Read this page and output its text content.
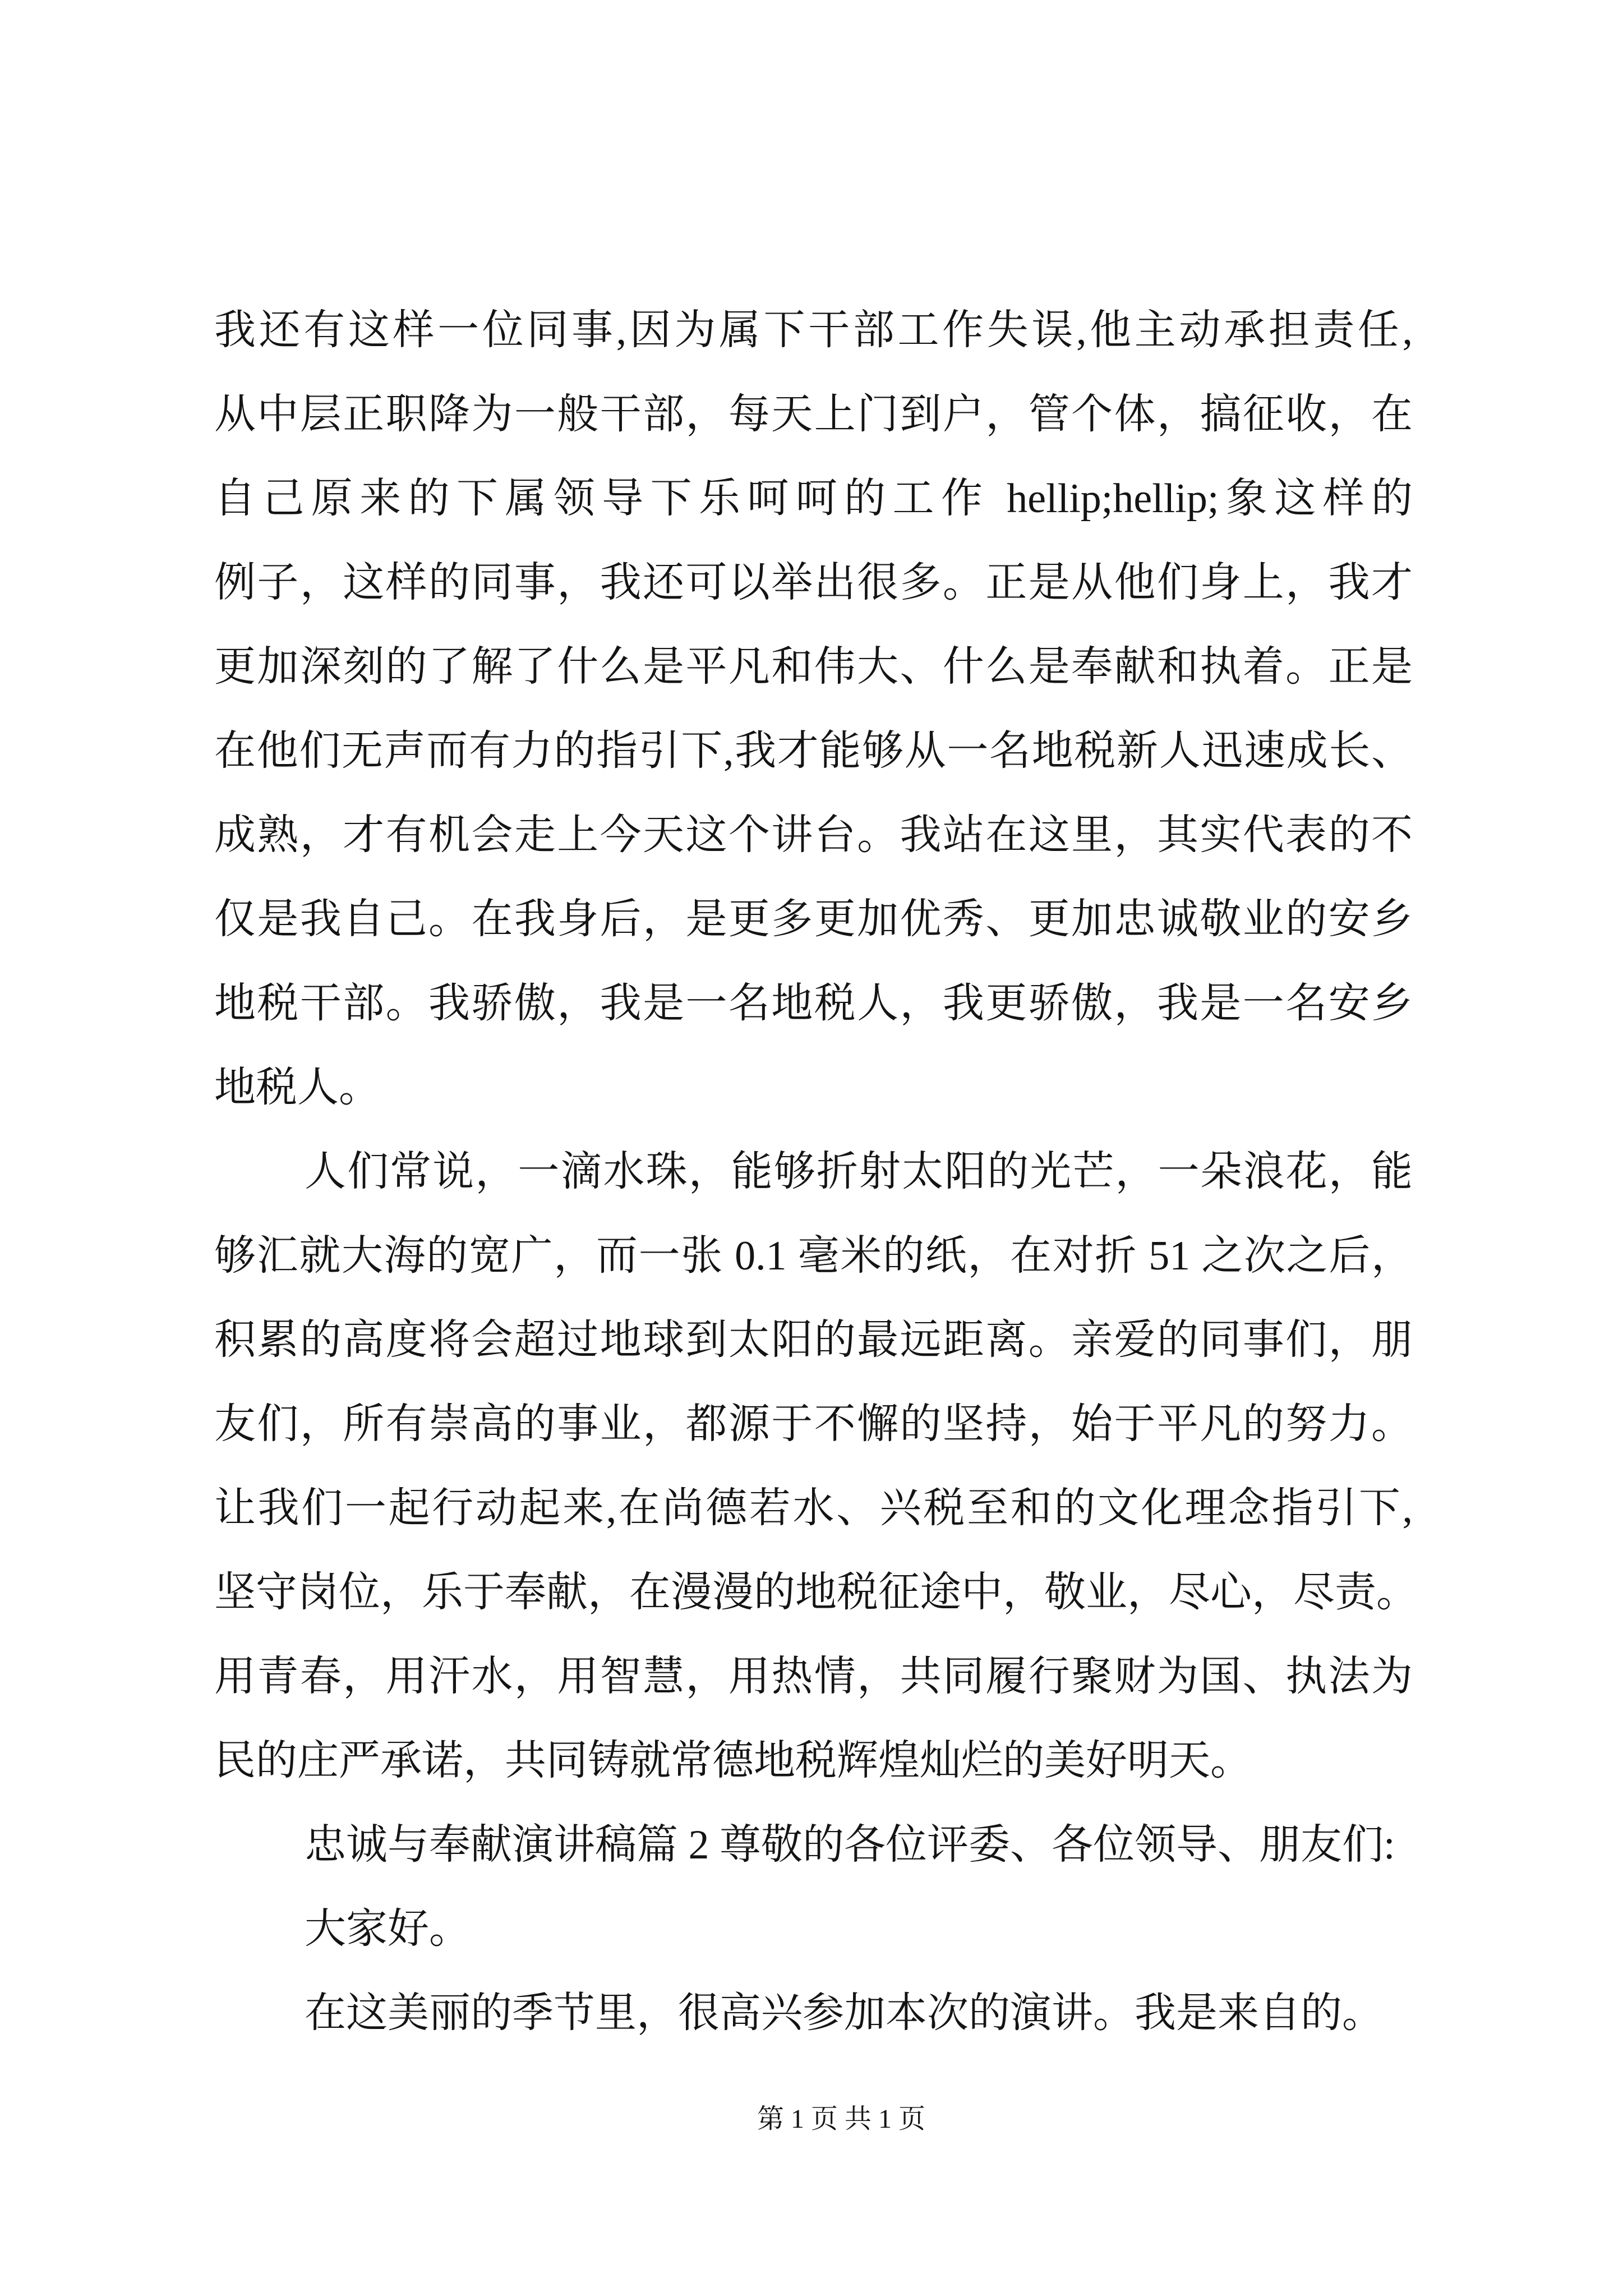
我还有这样一位同事,因为属下干部工作失误,他主动承担责任,
从中层正职降为一般干部，每天上门到户，管个体，搞征收，在
自己原来的下属领导下乐呵呵的工作 hellip;hellip;象这样的
例子，这样的同事，我还可以举出很多。正是从他们身上，我才
更加深刻的了解了什么是平凡和伟大、什么是奉献和执着。正是
在他们无声而有力的指引下,我才能够从一名地税新人迅速成长、
成熟，才有机会走上今天这个讲台。我站在这里，其实代表的不
仅是我自己。在我身后，是更多更加优秀、更加忠诚敬业的安乡
地税干部。我骄傲，我是一名地税人，我更骄傲，我是一名安乡
地税人。
人们常说，一滴水珠，能够折射太阳的光芒，一朵浪花，能
够汇就大海的宽广，而一张 0.1 毫米的纸，在对折 51 之次之后，
积累的高度将会超过地球到太阳的最远距离。亲爱的同事们，朋
友们，所有崇高的事业，都源于不懈的坚持，始于平凡的努力。
让我们一起行动起来,在尚德若水、兴税至和的文化理念指引下,
坚守岗位，乐于奉献，在漫漫的地税征途中，敬业，尽心，尽责。
用青春，用汗水，用智慧，用热情，共同履行聚财为国、执法为
民的庄严承诺，共同铸就常德地税辉煌灿烂的美好明天。
忠诚与奉献演讲稿篇 2 尊敬的各位评委、各位领导、朋友们:
大家好。
在这美丽的季节里，很高兴参加本次的演讲。我是来自的。
第 1 页 共 1 页
